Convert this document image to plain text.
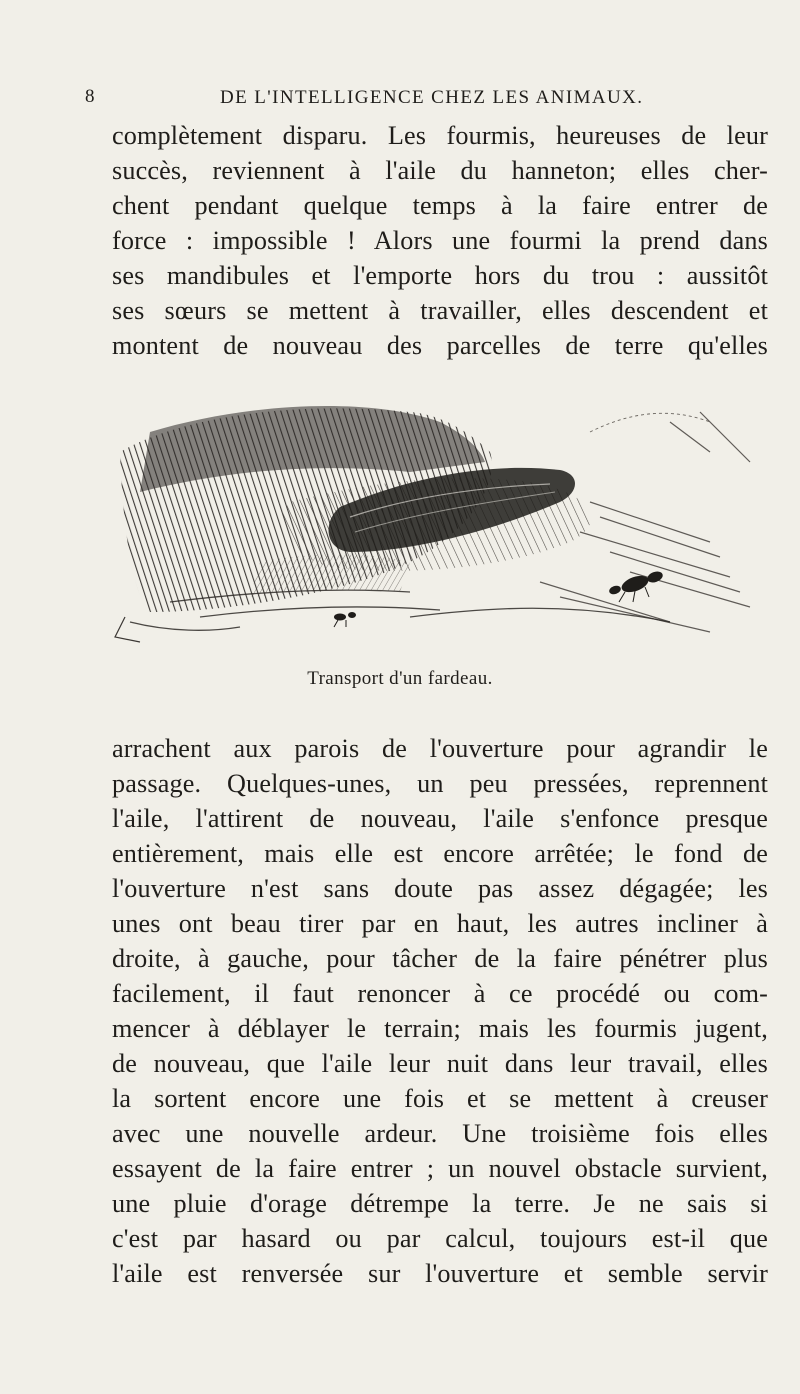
8	DE L'INTELLIGENCE CHEZ LES ANIMAUX.
complètement disparu. Les fourmis, heureuses de leur
succès, reviennent à l'aile du hanneton; elles cher-
chent pendant quelque temps à la faire entrer de
force : impossible ! Alors une fourmi la prend dans
ses mandibules et l'emporte hors du trou : aussitôt
ses sœurs se mettent à travailler, elles descendent et
montent de nouveau des parcelles de terre qu'elles
Transport d'un fardeau.
arrachent aux parois de l'ouverture pour agrandir le
passage. Quelques-unes, un peu pressées, reprennent
l'aile, l'attirent de nouveau, l'aile s'enfonce presque
entièrement, mais elle est encore arrêtée; le fond de
l'ouverture n'est sans doute pas assez dégagée; les
unes ont beau tirer par en haut, les autres incliner à
droite, à gauche, pour tâcher de la faire pénétrer plus
facilement, il faut renoncer à ce procédé ou com-
mencer à déblayer le terrain; mais les fourmis jugent,
de nouveau, que l'aile leur nuit dans leur travail, elles
la sortent encore une fois et se mettent à creuser
avec une nouvelle ardeur. Une troisième fois elles
essayent de la faire entrer ; un nouvel obstacle survient,
une pluie d'orage détrempe la terre. Je ne sais si
c'est par hasard ou par calcul, toujours est-il que
l'aile est renversée sur l'ouverture et semble servir
